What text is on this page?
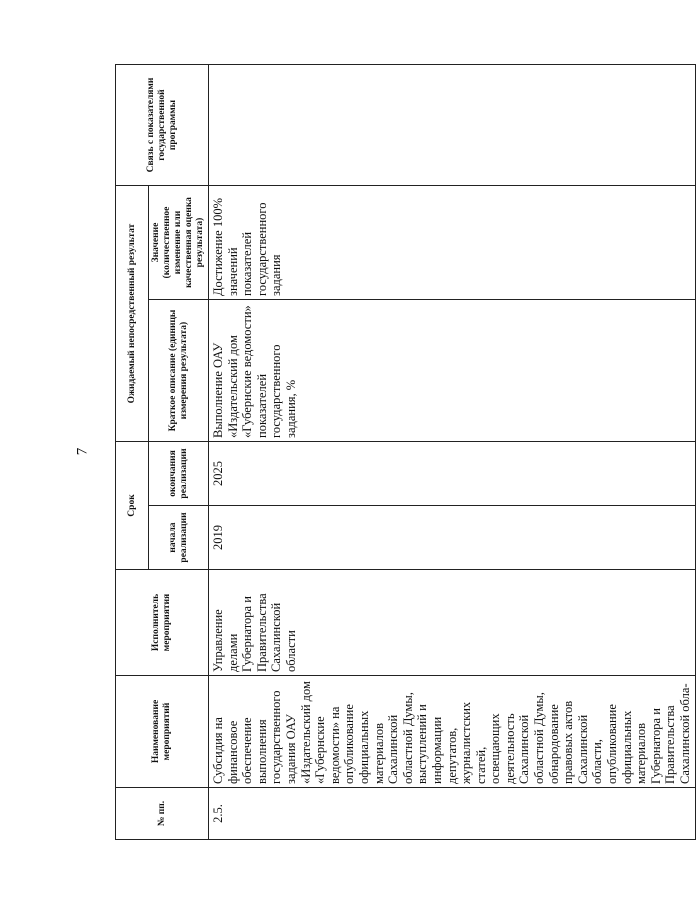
7
№ пп.	Наименование мероприятий	Исполнитель мероприятия	Срок		Ожидаемый непосредственный результат		Связь с показателями государственной программы
			начала реализации	окончания реализации	Краткое описание (единицы измерения результата)	Значение (количественное изменение или качественная оценка результата)	
2.5.	Субсидия на финансовое обеспечение выполнения государственного задания ОАУ «Издательский дом «Губернские ведомости» на опубликование официальных материалов Сахалинской областной Думы, выступлений и информации депутатов, журналистских статей, освещающих деятельность Сахалинской областной Думы, обнародование правовых актов Сахалинской области, опубликование официальных материалов Губернатора и Правительства Сахалинской обла-	Управление делами Губернатора и Правительства Сахалинской области	2019	2025	Выполнение ОАУ «Издательский дом «Губернские ведомости» показателей государственного задания, %	Достижение 100% значений показателей государственного задания	
